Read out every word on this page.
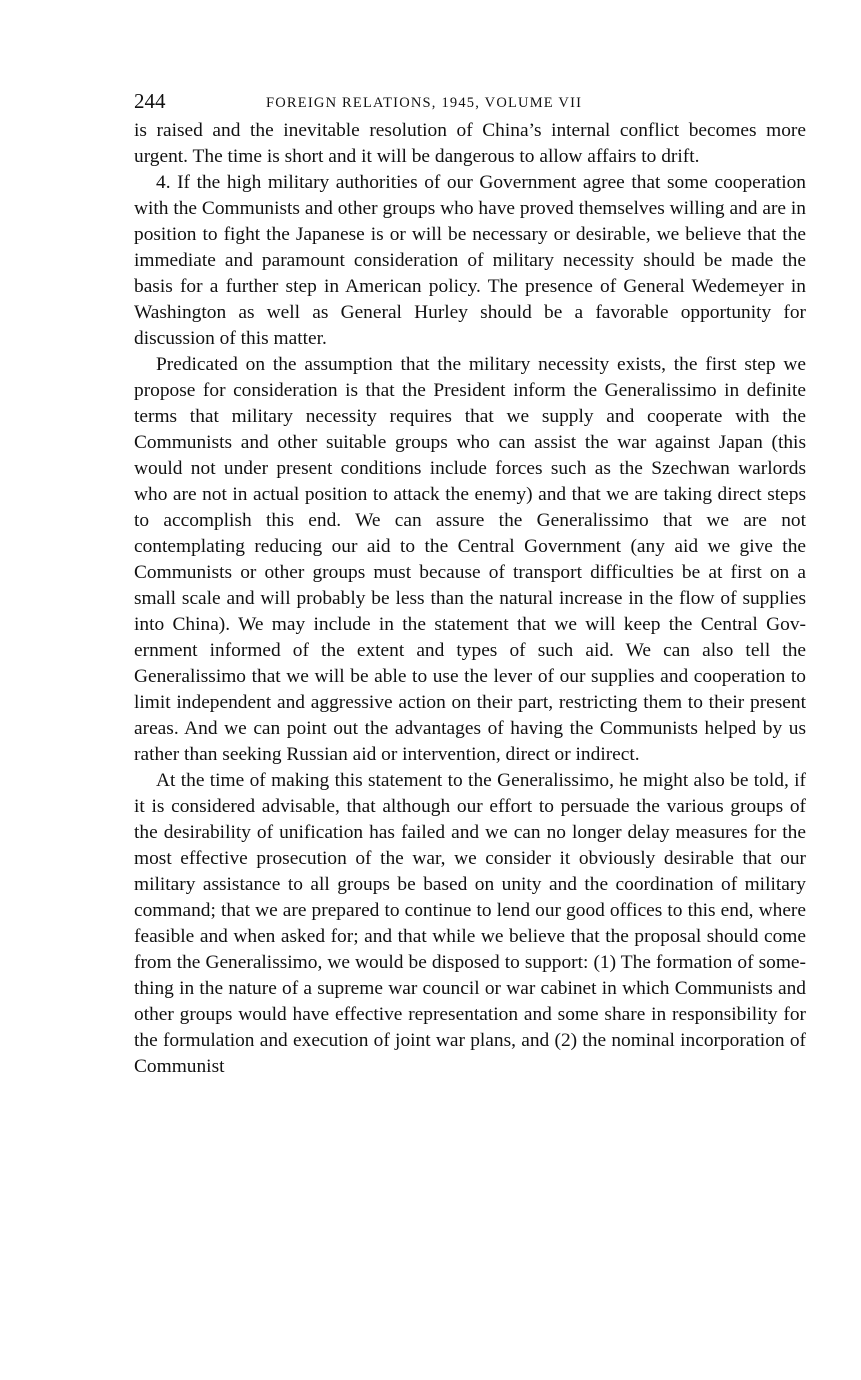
244	FOREIGN RELATIONS, 1945, VOLUME VII

is raised and the inevitable resolution of China’s internal conflict becomes more urgent. The time is short and it will be dangerous to allow affairs to drift.

4. If the high military authorities of our Government agree that some cooperation with the Communists and other groups who have proved themselves willing and are in position to fight the Japanese is or will be necessary or desirable, we believe that the immediate and paramount consideration of military necessity should be made the basis for a further step in American policy. The presence of General Wedemeyer in Washington as well as General Hurley should be a favorable opportunity for discussion of this matter.

Predicated on the assumption that the military necessity exists, the first step we propose for consideration is that the President inform the Generalissimo in definite terms that military necessity requires that we supply and cooperate with the Communists and other suitable groups who can assist the war against Japan (this would not under present conditions include forces such as the Szechwan warlords who are not in actual position to attack the enemy) and that we are taking direct steps to accomplish this end. We can assure the Generalissimo that we are not contemplating reducing our aid to the Central Government (any aid we give the Communists or other groups must because of transport difficulties be at first on a small scale and will probably be less than the natural increase in the flow of supplies into China). We may include in the statement that we will keep the Central Government informed of the extent and types of such aid. We can also tell the Generalissimo that we will be able to use the lever of our supplies and cooperation to limit independent and aggressive action on their part, restricting them to their present areas. And we can point out the advantages of having the Communists helped by us rather than seeking Russian aid or intervention, direct or indirect.

At the time of making this statement to the Generalissimo, he might also be told, if it is considered advisable, that although our effort to persuade the various groups of the desirability of unification has failed and we can no longer delay measures for the most effective prosecution of the war, we consider it obviously desirable that our military assistance to all groups be based on unity and the coordination of military command; that we are prepared to continue to lend our good offices to this end, where feasible and when asked for; and that while we believe that the proposal should come from the Generalissimo, we would be disposed to support: (1) The formation of something in the nature of a supreme war council or war cabinet in which Communists and other groups would have effective representation and some share in responsibility for the formulation and execution of joint war plans, and (2) the nominal incorporation of Communist
